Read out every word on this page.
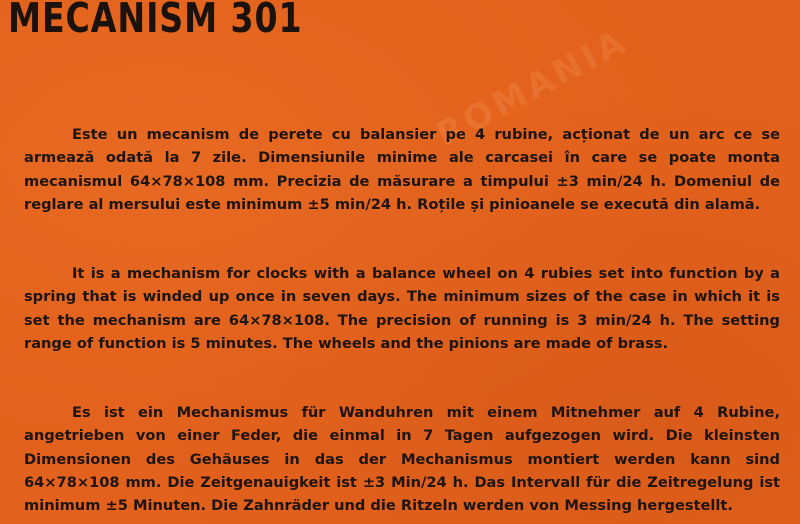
ROMANIA
MECANISM 301

Este un mecanism de perete cu balansier pe 4 rubine, acționat de un arc ce se armează odată la 7 zile. Dimensiunile minime ale carcasei în care se poate monta mecanismul 64×78×108 mm. Precizia de măsurare a timpului ±3 min/24 h. Domeniul de reglare al mersului este minimum ±5 min/24 h. Roțile și pinioanele se execută din alamă.

It is a mechanism for clocks with a balance wheel on 4 rubies set into function by a spring that is winded up once in seven days. The minimum sizes of the case in which it is set the mechanism are 64×78×108. The precision of running is 3 min/24 h. The setting range of function is 5 minutes. The wheels and the pinions are made of brass.

Es ist ein Mechanismus für Wanduhren mit einem Mitnehmer auf 4 Rubine, angetrieben von einer Feder, die einmal in 7 Tagen aufgezogen wird. Die kleinsten Dimensionen des Gehäuses in das der Mechanismus montiert werden kann sind 64×78×108 mm. Die Zeitgenauigkeit ist ±3 Min/24 h. Das Intervall für die Zeitregelung ist minimum ±5 Minuten. Die Zahnräder und die Ritzeln werden von Messing hergestellt.
